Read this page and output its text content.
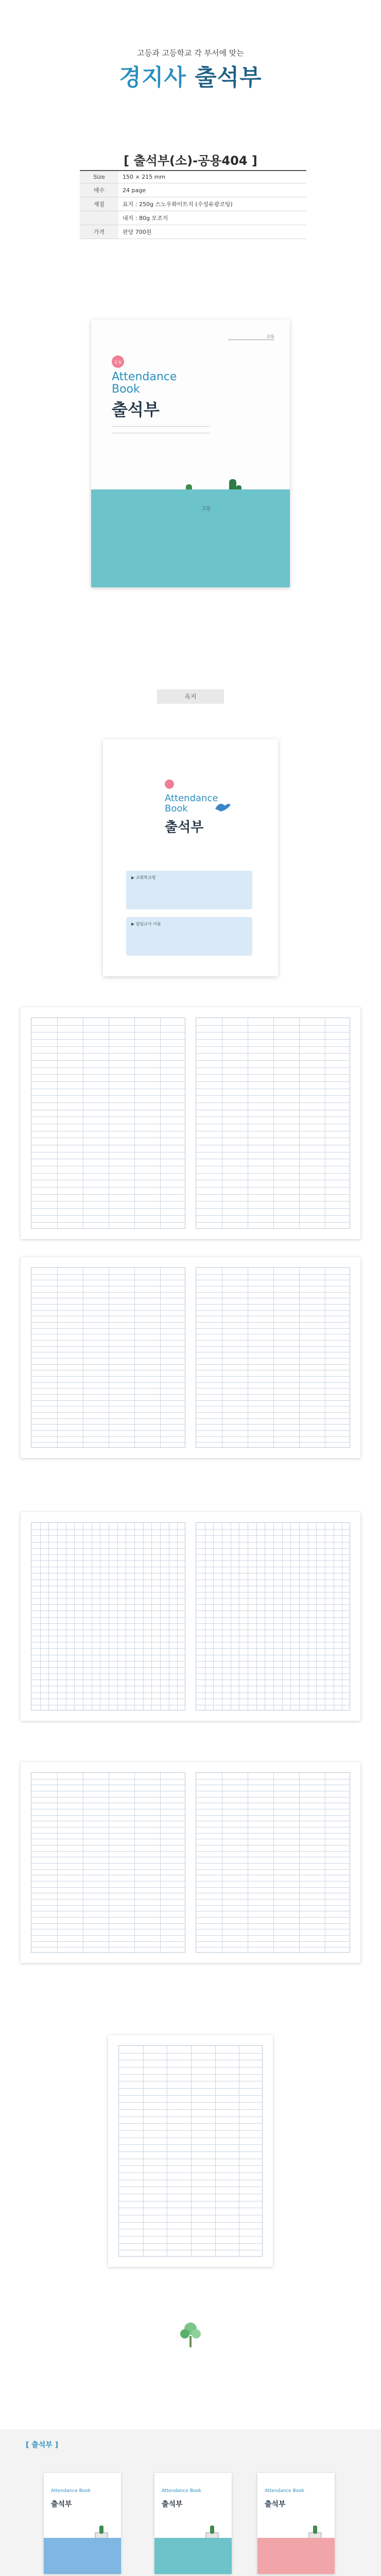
고등과 고등학교 각 부서에 맞는
경지사 출석부
[ 출석부(소)-공용404 ]
Size	150 × 215 mm
매수	24 page
재질	표지 : 250g 스노우화이트지 (수성유광코팅)
	내지 : 80g 모조지
가격	판당 700원
고등
공용
Attendance Book
출석부
고등
속지
Attendance Book
출석부
▶ 교회학교명
▶ 담임교사 이름
[ 출석부 ]
Attendance Book
출석부
Attendance Book
출석부
Attendance Book
출석부
